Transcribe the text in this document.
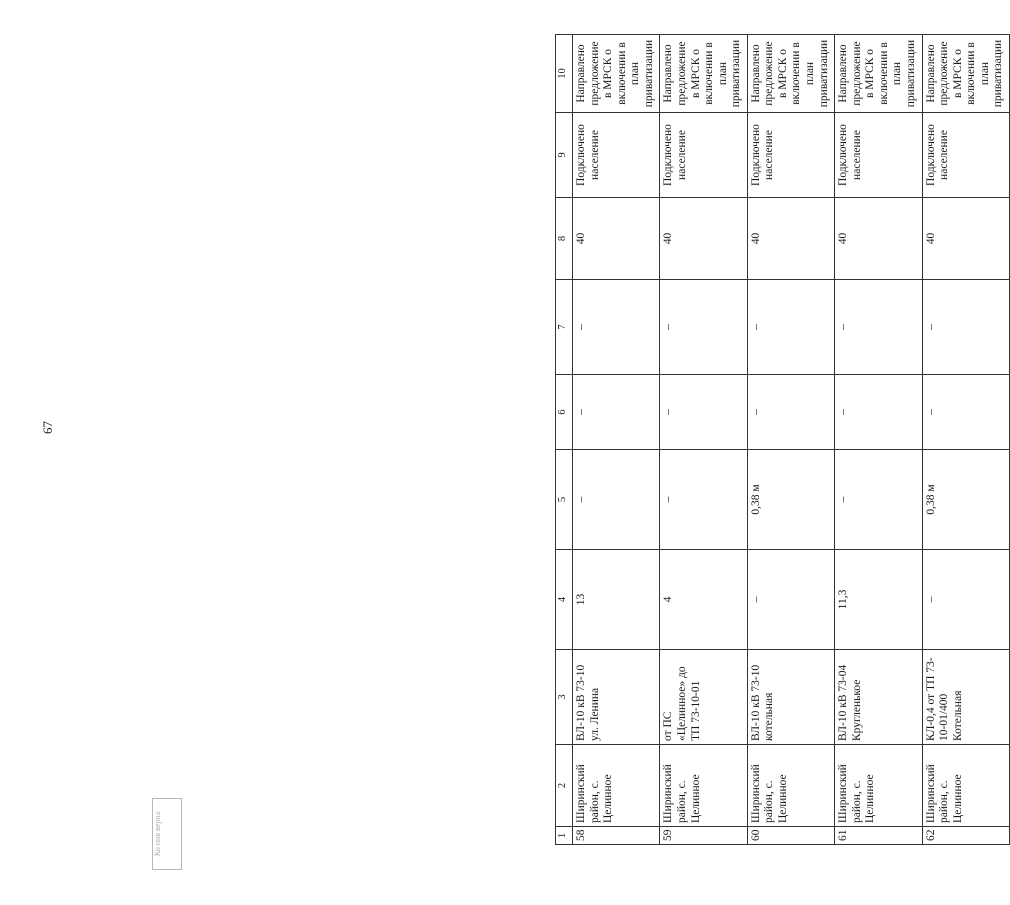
67
1	2	3	4	5	6	7	8	9	10
58	Ширинский район, с. Целинное	ВЛ-10 кВ 73-10 ул. Ленина	13	–	–	–	40	Подключено население	Направлено предложение в МРСК о включении в план приватизации
59	Ширинский район, с. Целинное	от ПС «Целинное» до ТП 73-10-01	4	–	–	–	40	Подключено население	Направлено предложение в МРСК о включении в план приватизации
60	Ширинский район, с. Целинное	ВЛ-10 кВ 73-10 котельная	–	0,38 м	–	–	40	Подключено население	Направлено предложение в МРСК о включении в план приватизации
61	Ширинский район, с. Целинное	ВЛ-10 кВ 73-04 Кругленькое	11,3	–	–	–	40	Подключено население	Направлено предложение в МРСК о включении в план приватизации
62	Ширинский район, с. Целинное	КЛ-0,4 от ТП 73-10-01/400 Котельная	–	0,38 м	–	–	40	Подключено население	Направлено предложение в МРСК о включении в план приватизации
Ко пия верна
